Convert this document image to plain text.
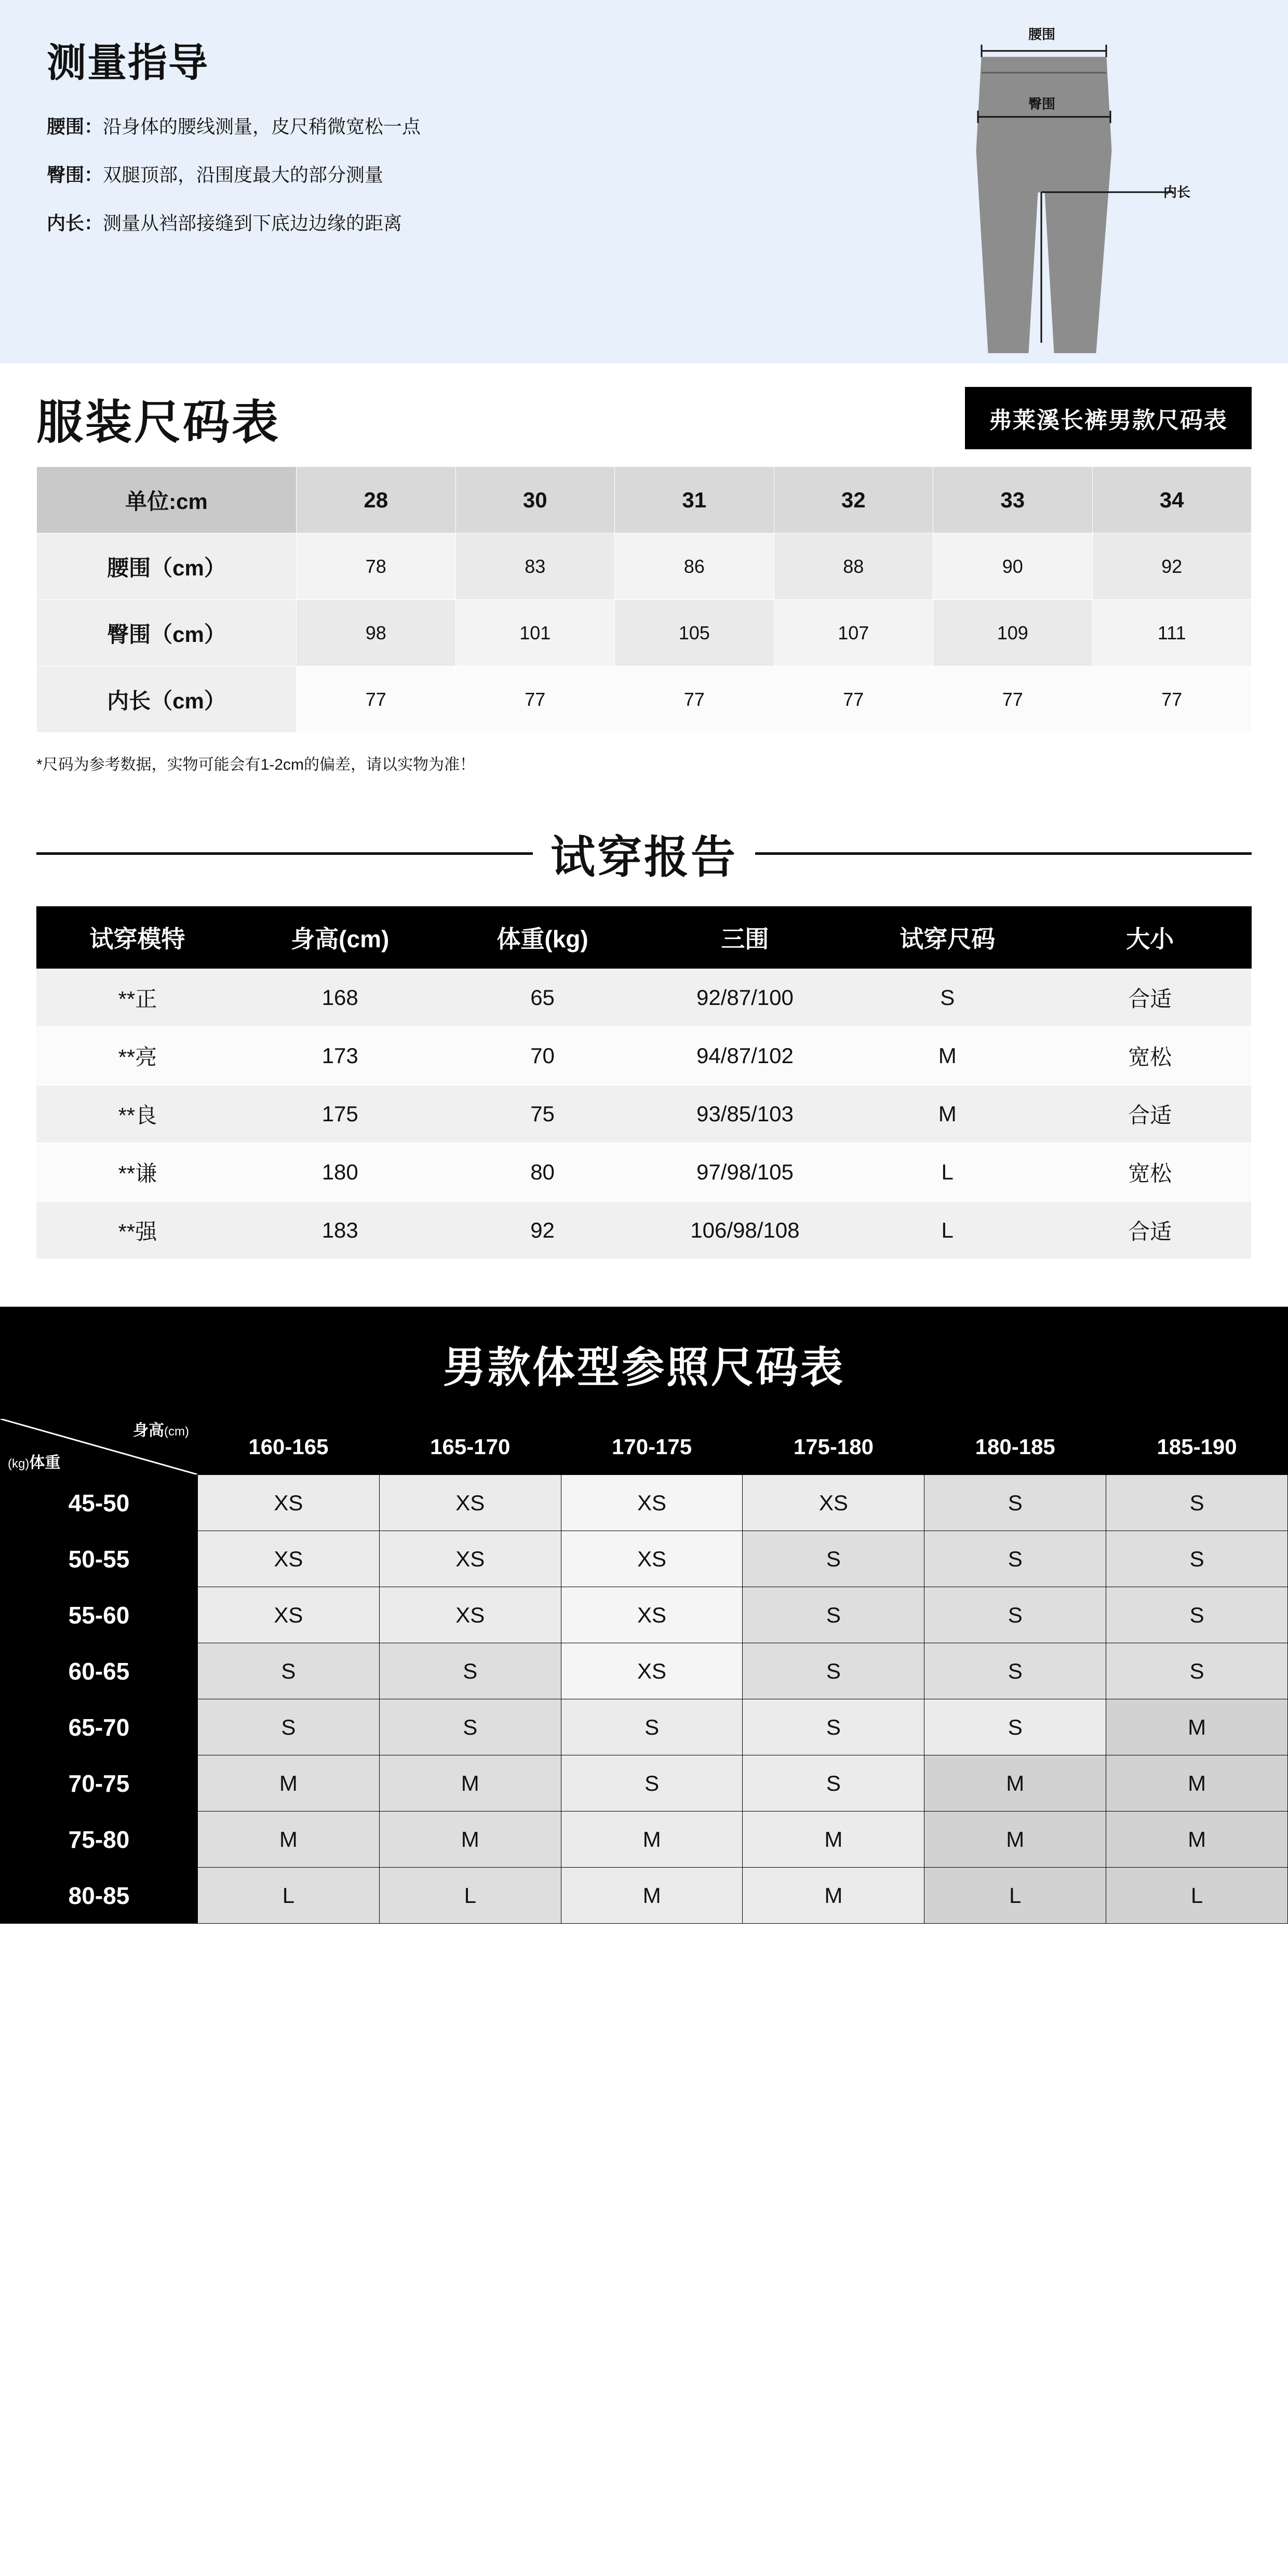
测量指导
腰围：沿身体的腰线测量，皮尺稍微宽松一点
臀围：双腿顶部，沿围度最大的部分测量
内长：测量从裆部接缝到下底边边缘的距离
腰围
臀围
内长
服装尺码表	弗莱溪长裤男款尺码表
单位:cm	28	30	31	32	33	34
腰围（cm）	78	83	86	88	90	92
臀围（cm）	98	101	105	107	109	111
内长（cm）	77	77	77	77	77	77
*尺码为参考数据，实物可能会有1-2cm的偏差，请以实物为准！
试穿报告
试穿模特	身高(cm)	体重(kg)	三围	试穿尺码	大小
**正	168	65	92/87/100	S	合适
**亮	173	70	94/87/102	M	宽松
**良	175	75	93/85/103	M	合适
**谦	180	80	97/98/105	L	宽松
**强	183	92	106/98/108	L	合适
男款体型参照尺码表
身高(cm)
(kg)体重	160-165	165-170	170-175	175-180	180-185	185-190
45-50	XS	XS	XS	XS	S	S
50-55	XS	XS	XS	S	S	S
55-60	XS	XS	XS	S	S	S
60-65	S	S	XS	S	S	S
65-70	S	S	S	S	S	M
70-75	M	M	S	S	M	M
75-80	M	M	M	M	M	M
80-85	L	L	M	M	L	L
